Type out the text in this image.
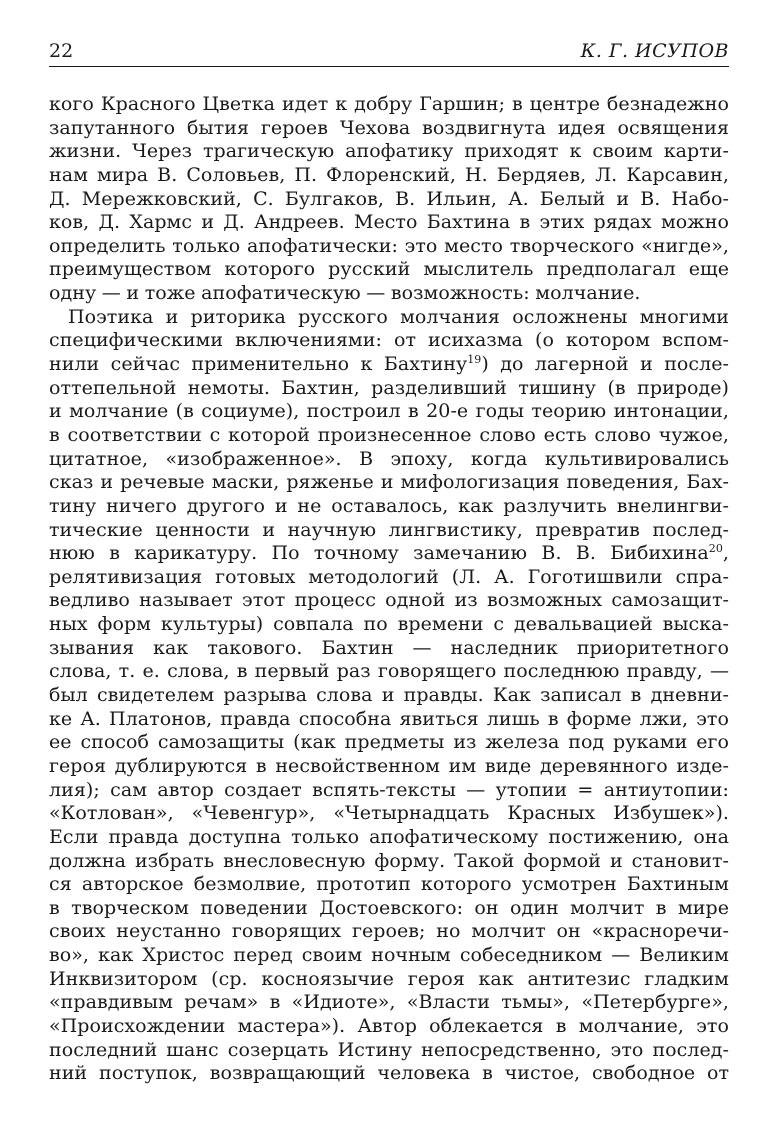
22	К. Г. ИСУПОВ
кого Красного Цветка идет к добру Гаршин; в центре безнадежно
запутанного бытия героев Чехова воздвигнута идея освящения
жизни. Через трагическую апофатику приходят к своим карти-
нам мира В. Соловьев, П. Флоренский, Н. Бердяев, Л. Карсавин,
Д. Мережковский, С. Булгаков, В. Ильин, А. Белый и В. Набо-
ков, Д. Хармс и Д. Андреев. Место Бахтина в этих рядах можно
определить только апофатически: это место творческого «нигде»,
преимуществом которого русский мыслитель предполагал еще
одну — и тоже апофатическую — возможность: молчание.
Поэтика и риторика русского молчания осложнены многими
специфическими включениями: от исихазма (о котором вспом-
нили сейчас применительно к Бахтину$^{19}$) до лагерной и после-
оттепельной немоты. Бахтин, разделивший тишину (в природе)
и молчание (в социуме), построил в 20-е годы теорию интонации,
в соответствии с которой произнесенное слово есть слово чужое,
цитатное, «изображенное». В эпоху, когда культивировались
сказ и речевые маски, ряженье и мифологизация поведения, Бах-
тину ничего другого и не оставалось, как разлучить внелингви-
тические ценности и научную лингвистику, превратив послед-
нюю в карикатуру. По точному замечанию В. В. Бибихина$^{20}$,
релятивизация готовых методологий (Л. А. Гоготишвили спра-
ведливо называет этот процесс одной из возможных самозащит-
ных форм культуры) совпала по времени с девальвацией выска-
зывания как такового. Бахтин — наследник приоритетного
слова, т. е. слова, в первый раз говорящего последнюю правду, —
был свидетелем разрыва слова и правды. Как записал в дневни-
ке А. Платонов, правда способна явиться лишь в форме лжи, это
ее способ самозащиты (как предметы из железа под руками его
героя дублируются в несвойственном им виде деревянного изде-
лия); сам автор создает вспять-тексты — утопии = антиутопии:
«Котлован», «Чевенгур», «Четырнадцать Красных Избушек»).
Если правда доступна только апофатическому постижению, она
должна избрать внесловесную форму. Такой формой и становит-
ся авторское безмолвие, прототип которого усмотрен Бахтиным
в творческом поведении Достоевского: он один молчит в мире
своих неустанно говорящих героев; но молчит он «красноречи-
во», как Христос перед своим ночным собеседником — Великим
Инквизитором (ср. косноязычие героя как антитезис гладким
«правдивым речам» в «Идиоте», «Власти тьмы», «Петербурге»,
«Происхождении мастера»). Автор облекается в молчание, это
последний шанс созерцать Истину непосредственно, это послед-
ний поступок, возвращающий человека в чистое, свободное от
